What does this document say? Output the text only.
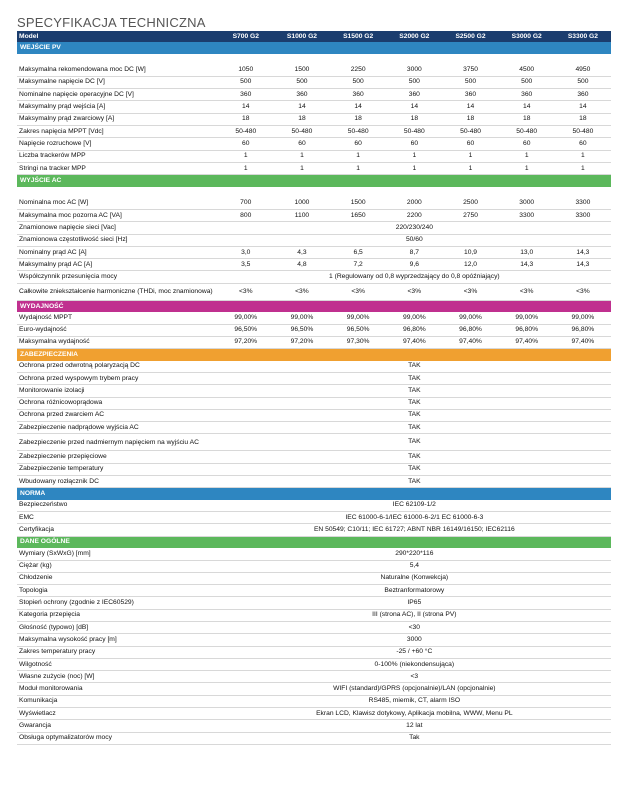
SPECYFIKACJA TECHNICZNA
Model	S700 G2	S1000 G2	S1500 G2	S2000 G2	S2500 G2	S3000 G2	S3300 G2
WEJŚCIE PV							

Maksymalna rekomendowana moc DC [W]	1050	1500	2250	3000	3750	4500	4950
Maksymalne napięcie DC [V]	500	500	500	500	500	500	500
Nominalne napięcie operacyjne DC [V]	360	360	360	360	360	360	360
Maksymalny prąd wejścia [A]	14	14	14	14	14	14	14
Maksymalny prąd zwarciowy [A]	18	18	18	18	18	18	18
Zakres napięcia MPPT [Vdc]	50-480	50-480	50-480	50-480	50-480	50-480	50-480
Napięcie rozruchowe [V]	60	60	60	60	60	60	60
Liczba trackerów MPP	1	1	1	1	1	1	1
Stringi na tracker MPP	1	1	1	1	1	1	1
WYJŚCIE AC							

Nominalna moc AC [W]	700	1000	1500	2000	2500	3000	3300
Maksymalna moc pozorna AC [VA]	800	1100	1650	2200	2750	3300	3300
Znamionowe napięcie sieci [Vac]	220/230/240						
Znamionowa częstotliwość sieci [Hz]	50/60						
Nominalny prąd AC [A]	3,0	4,3	6,5	8,7	10,9	13,0	14,3
Maksymalny prąd AC [A]	3,5	4,8	7,2	9,6	12,0	14,3	14,3
Współczynnik przesunięcia mocy	1 (Regulowany od 0,8 wyprzedzający do 0,8 opóźniający)						
Całkowite zniekształcenie harmoniczne (THDi, moc znamionowa)	<3%	<3%	<3%	<3%	<3%	<3%	<3%
WYDAJNOŚĆ							
Wydajność MPPT	99,00%	99,00%	99,00%	99,00%	99,00%	99,00%	99,00%
Euro-wydajność	96,50%	96,50%	96,50%	96,80%	96,80%	96,80%	96,80%
Maksymalna wydajność	97,20%	97,20%	97,30%	97,40%	97,40%	97,40%	97,40%
ZABEZPIECZENIA							
Ochrona przed odwrotną polaryzacją DC	TAK						
Ochrona przed wyspowym trybem pracy	TAK						
Monitorowanie izolacji	TAK						
Ochrona różnicowoprądowa	TAK						
Ochrona przed zwarciem AC	TAK						
Zabezpieczenie nadprądowe wyjścia AC	TAK						
Zabezpieczenie przed nadmiernym napięciem na wyjściu AC	TAK						
Zabezpieczenie przepięciowe	TAK						
Zabezpieczenie temperatury	TAK						
Wbudowany rozłącznik DC	TAK						
NORMA							
Bezpieczeństwo	IEC 62109-1/2						
EMC	IEC 61000-6-1/IEC 61000-6-2/1 EC 61000-6-3						
Certyfikacja	EN 50549; C10/11; IEC 61727; ABNT NBR 16149/16150; IEC62116						
DANE OGÓLNE							
Wymiary (SxWxG) [mm]	290*220*116						
Ciężar (kg)	5,4						
Chłodzenie	Naturalne (Konwekcja)						
Topologia	Beztranformatorowy						
Stopień ochrony (zgodnie z IEC60529)	IP65						
Kategoria przepięcia	III (strona AC), II (strona PV)						
Głośność (typowo) [dB]	<30						
Maksymalna wysokość pracy [m]	3000						
Zakres temperatury pracy	-25 / +60 °C						
Wilgotność	0-100% (niekondensująca)						
Własne zużycie (noc) [W]	<3						
Moduł monitorowania	WIFI (standard)/GPRS (opcjonalnie)/LAN (opcjonalnie)						
Komunikacja	RS485, miernik, CT, alarm ISO						
Wyświetlacz	Ekran LCD, Klawisz dotykowy, Aplikacja mobilna, WWW, Menu PL						
Gwarancja	12 lat						
Obsługa optymalizatorów mocy	Tak						
